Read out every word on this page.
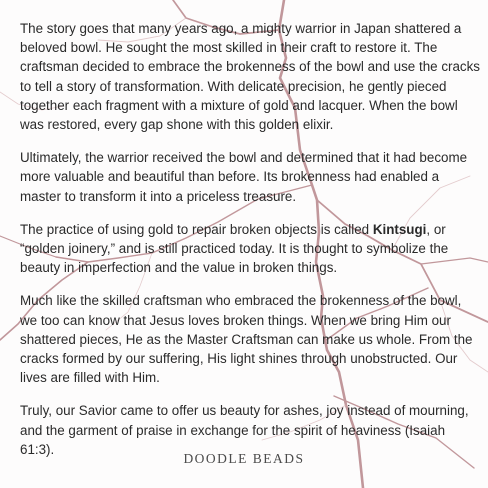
The story goes that many years ago, a mighty warrior in Japan shattered a beloved bowl. He sought the most skilled in their craft to restore it. The craftsman decided to embrace the brokenness of the bowl and use the cracks to tell a story of transformation. With delicate precision, he gently pieced together each fragment with a mixture of gold and lacquer. When the bowl was restored, every gap shone with this golden elixir.

Ultimately, the warrior received the bowl and determined that it had become more valuable and beautiful than before. Its brokenness had enabled a master to transform it into a priceless treasure.

The practice of using gold to repair broken objects is called Kintsugi, or “golden joinery,” and is still practiced today. It is thought to symbolize the beauty in imperfection and the value in broken things.

Much like the skilled craftsman who embraced the brokenness of the bowl, we too can know that Jesus loves broken things. When we bring Him our shattered pieces, He as the Master Craftsman can make us whole. From the cracks formed by our suffering, His light shines through unobstructed. Our lives are filled with Him.

Truly, our Savior came to offer us beauty for ashes, joy instead of mourning, and the garment of praise in exchange for the spirit of heaviness (Isaiah 61:3).

DOODLE BEADS
